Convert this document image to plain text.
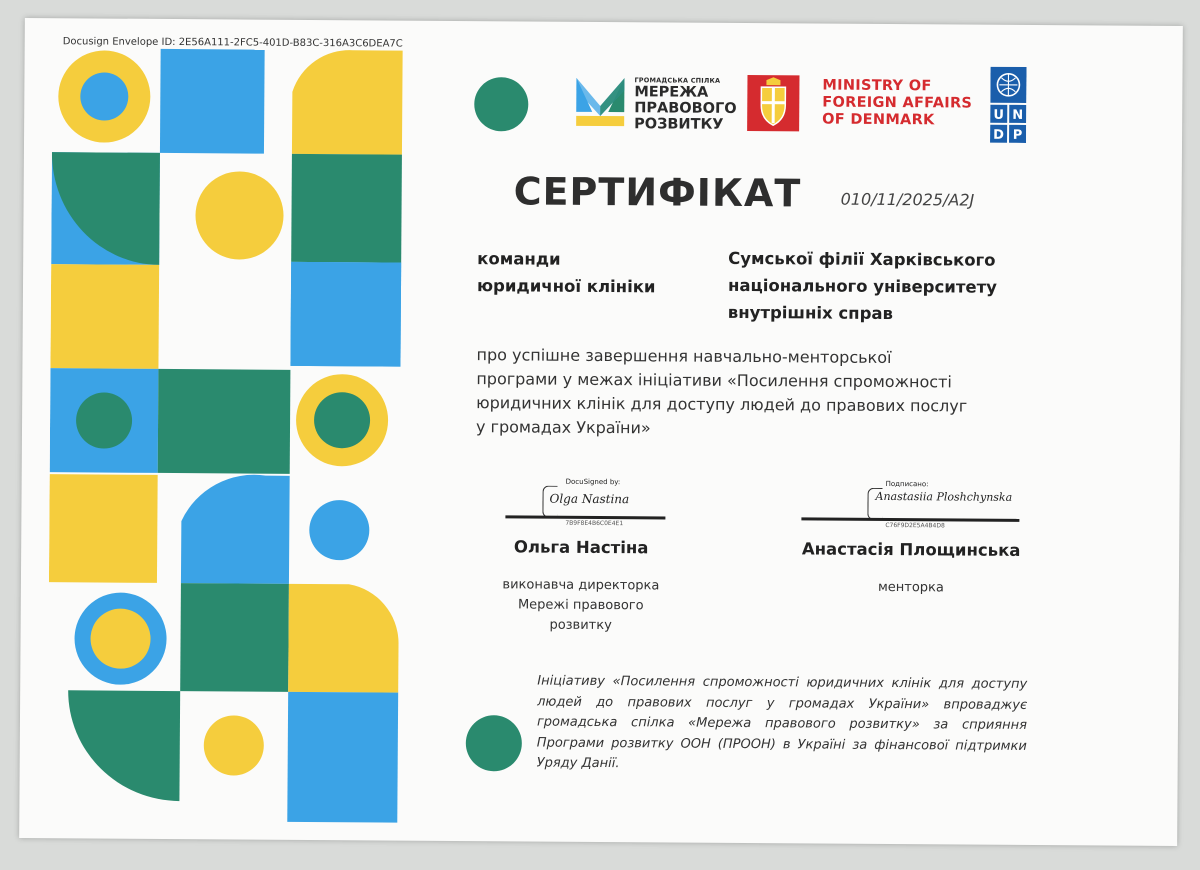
Docusign Envelope ID: 2E56A111-2FC5-401D-B83C-316A3C6DEA7C
ГРОМАДСЬКА СПІЛКА
МЕРЕЖА
ПРАВОВОГО
РОЗВИТКУ
MINISTRY OF
FOREIGN AFFAIRS
OF DENMARK	U N
D P
СЕРТИФІКАТ 010/11/2025/A2J
команди
юридичної клініки
Сумської філії Харківського
національного університету
внутрішніх справ
про успішне завершення навчально-менторської
програми у межах ініціативи «Посилення спроможності
юридичних клінік для доступу людей до правових послуг
у громадах України»
DocuSigned by:
Olga Nastina
7B9F8E4B6C0E4E1
Ольга Настіна
виконавча директорка
Мережі правового
розвитку
Подписано:
Anastasiia Ploshchynska
C76F9D2E5A4B4D8
Анастасія Площинська
менторка
Ініціативу «Посилення спроможності юридичних клінік для доступу людей до правових послуг у громадах України» впроваджує громадська спілка «Мережа правового розвитку» за сприяння Програми розвитку ООН (ПРООН) в Україні за фінансової підтримки Уряду Данії.
